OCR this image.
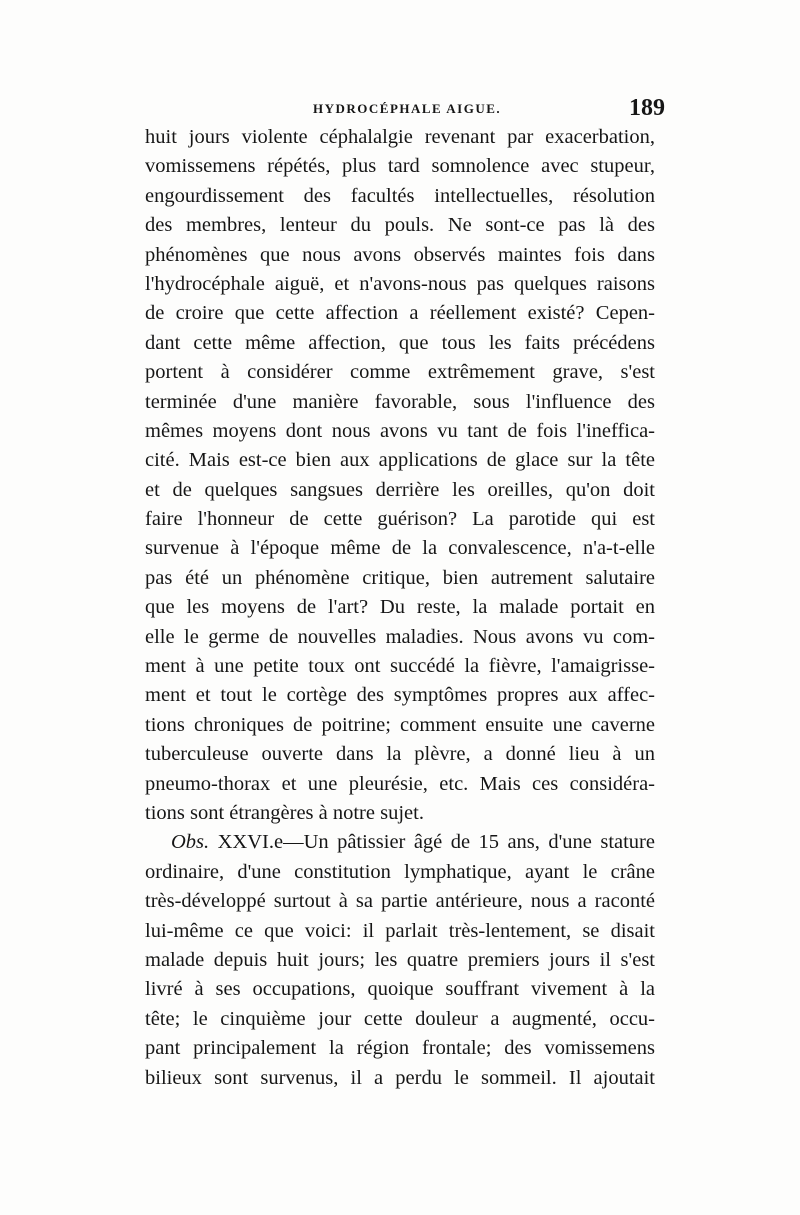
HYDROCÉPHALE AIGUE.	189
huit jours violente céphalalgie revenant par exacerbation,
vomissemens répétés, plus tard somnolence avec stupeur,
engourdissement des facultés intellectuelles, résolution
des membres, lenteur du pouls. Ne sont-ce pas là des
phénomènes que nous avons observés maintes fois dans
l'hydrocéphale aiguë, et n'avons-nous pas quelques raisons
de croire que cette affection a réellement existé? Cepen-
dant cette même affection, que tous les faits précédens
portent à considérer comme extrêmement grave, s'est
terminée d'une manière favorable, sous l'influence des
mêmes moyens dont nous avons vu tant de fois l'ineffica-
cité. Mais est-ce bien aux applications de glace sur la tête
et de quelques sangsues derrière les oreilles, qu'on doit
faire l'honneur de cette guérison? La parotide qui est
survenue à l'époque même de la convalescence, n'a-t-elle
pas été un phénomène critique, bien autrement salutaire
que les moyens de l'art? Du reste, la malade portait en
elle le germe de nouvelles maladies. Nous avons vu com-
ment à une petite toux ont succédé la fièvre, l'amaigrisse-
ment et tout le cortège des symptômes propres aux affec-
tions chroniques de poitrine; comment ensuite une caverne
tuberculeuse ouverte dans la plèvre, a donné lieu à un
pneumo-thorax et une pleurésie, etc. Mais ces considéra-
tions sont étrangères à notre sujet.
Obs. XXVI.e—Un pâtissier âgé de 15 ans, d'une stature
ordinaire, d'une constitution lymphatique, ayant le crâne
très-développé surtout à sa partie antérieure, nous a raconté
lui-même ce que voici: il parlait très-lentement, se disait
malade depuis huit jours; les quatre premiers jours il s'est
livré à ses occupations, quoique souffrant vivement à la
tête; le cinquième jour cette douleur a augmenté, occu-
pant principalement la région frontale; des vomissemens
bilieux sont survenus, il a perdu le sommeil. Il ajoutait
